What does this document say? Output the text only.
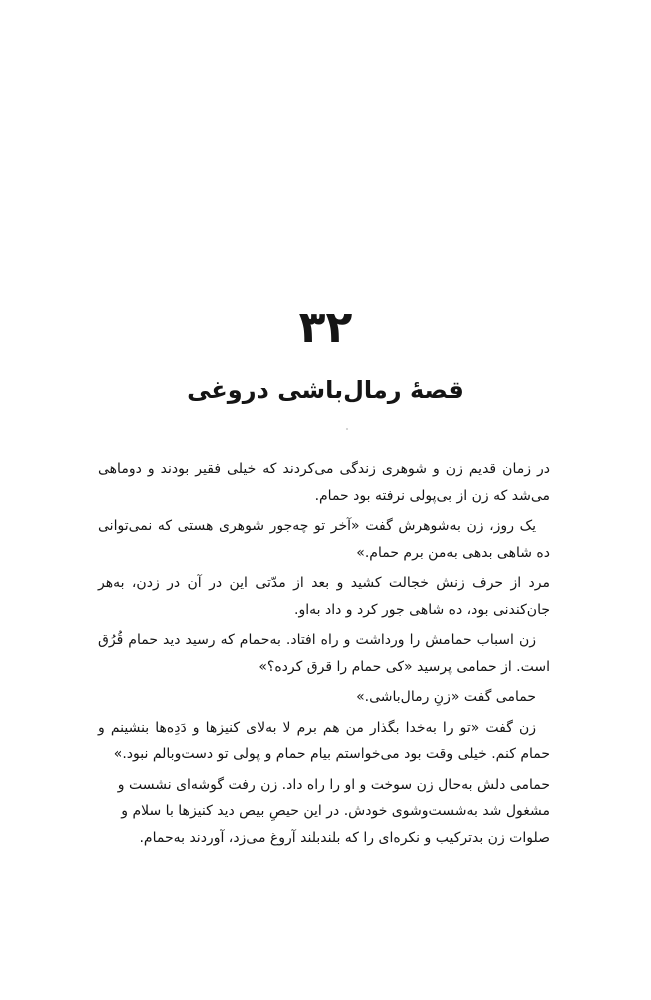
۳۲
قصهٔ رمال‌باشی دروغی

در زمان قدیم زن و شوهری زندگی می‌کردند که خیلی فقیر بودند و دوماهی می‌شد که زن از بی‌پولی نرفته بود حمام.

یک روز، زن به‌شوهرش گفت «آخر تو چه‌جور شوهری هستی که نمی‌توانی ده شاهی بدهی به‌من برم حمام.»

مرد از حرف زنش خجالت کشید و بعد از مدّتی این در آن در زدن، به‌هر جان‌کندنی بود، ده شاهی جور کرد و داد به‌او.

زن اسباب حمامش را ورداشت و راه افتاد. به‌حمام که رسید دید حمام قُرُق است. از حمامی پرسید «کی حمام را قرق کرده؟»

حمامی گفت «زنِ رمال‌باشی.»

زن گفت «تو را به‌خدا بگذار من هم برم لا به‌لای کنیزها و دَدِه‌ها بنشینم و حمام کنم. خیلی وقت بود می‌خواستم بیام حمام و پولی تو دست‌وبالم نبود.»

حمامی دلش به‌حال زن سوخت و او را راه داد. زن رفت گوشه‌ای نشست و مشغول شد به‌شست‌وشوی خودش. در این حیصِ بیص دید کنیزها با سلام و صلوات زن بدترکیب و نکره‌ای را که بلندبلند آروغ می‌زد، آوردند به‌حمام.
